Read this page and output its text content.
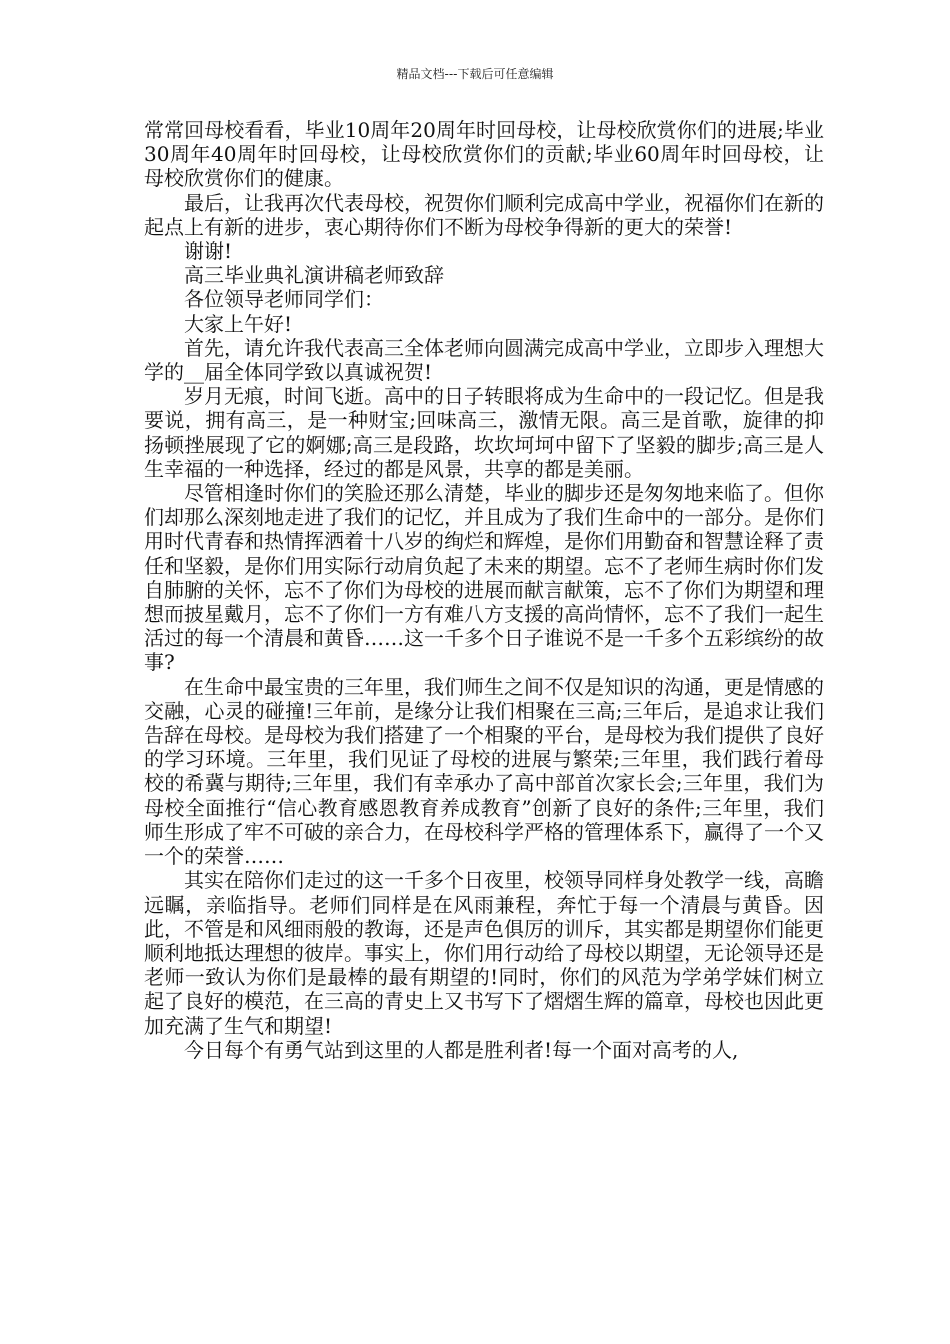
精品文档---下载后可任意编辑

常常回母校看看，毕业10周年20周年时回母校，让母校欣赏你们的进展;毕业30周年40周年时回母校，让母校欣赏你们的贡献;毕业60周年时回母校，让母校欣赏你们的健康。

最后，让我再次代表母校，祝贺你们顺利完成高中学业，祝福你们在新的起点上有新的进步，衷心期待你们不断为母校争得新的更大的荣誉!

谢谢!

高三毕业典礼演讲稿老师致辞

各位领导老师同学们：

大家上午好!

首先，请允许我代表高三全体老师向圆满完成高中学业，立即步入理想大学的__届全体同学致以真诚祝贺!

岁月无痕，时间飞逝。高中的日子转眼将成为生命中的一段记忆。但是我要说，拥有高三，是一种财宝;回味高三，激情无限。高三是首歌，旋律的抑扬顿挫展现了它的婀娜;高三是段路，坎坎坷坷中留下了坚毅的脚步;高三是人生幸福的一种选择，经过的都是风景，共享的都是美丽。

尽管相逢时你们的笑脸还那么清楚，毕业的脚步还是匆匆地来临了。但你们却那么深刻地走进了我们的记忆，并且成为了我们生命中的一部分。是你们用时代青春和热情挥洒着十八岁的绚烂和辉煌，是你们用勤奋和智慧诠释了责任和坚毅，是你们用实际行动肩负起了未来的期望。忘不了老师生病时你们发自肺腑的关怀，忘不了你们为母校的进展而献言献策，忘不了你们为期望和理想而披星戴月，忘不了你们一方有难八方支援的高尚情怀，忘不了我们一起生活过的每一个清晨和黄昏……这一千多个日子谁说不是一千多个五彩缤纷的故事?

在生命中最宝贵的三年里，我们师生之间不仅是知识的沟通，更是情感的交融，心灵的碰撞!三年前，是缘分让我们相聚在三高;三年后，是追求让我们告辞在母校。是母校为我们搭建了一个相聚的平台，是母校为我们提供了良好的学习环境。三年里，我们见证了母校的进展与繁荣;三年里，我们践行着母校的希冀与期待;三年里，我们有幸承办了高中部首次家长会;三年里，我们为母校全面推行“信心教育感恩教育养成教育”创新了良好的条件;三年里，我们师生形成了牢不可破的亲合力，在母校科学严格的管理体系下，赢得了一个又一个的荣誉……

其实在陪你们走过的这一千多个日夜里，校领导同样身处教学一线，高瞻远瞩，亲临指导。老师们同样是在风雨兼程，奔忙于每一个清晨与黄昏。因此，不管是和风细雨般的教诲，还是声色俱厉的训斥，其实都是期望你们能更顺利地抵达理想的彼岸。事实上，你们用行动给了母校以期望，无论领导还是老师一致认为你们是最棒的最有期望的!同时，你们的风范为学弟学妹们树立起了良好的模范，在三高的青史上又书写下了熠熠生辉的篇章，母校也因此更加充满了生气和期望!

今日每个有勇气站到这里的人都是胜利者!每一个面对高考的人,
